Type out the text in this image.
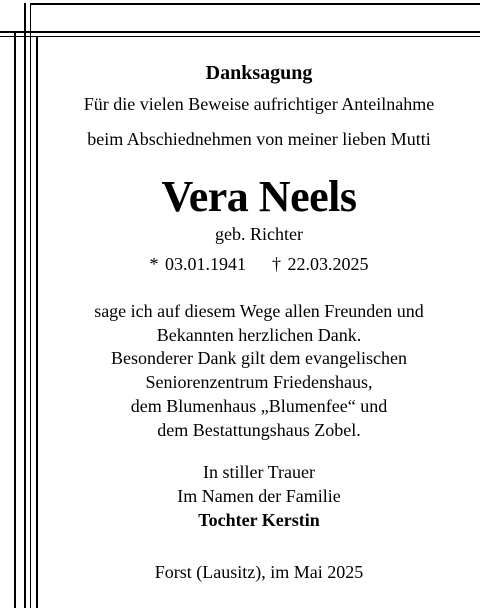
Danksagung
Für die vielen Beweise aufrichtiger Anteilnahme
beim Abschiednehmen von meiner lieben Mutti
Vera Neels
geb. Richter
* 03.01.1941    † 22.03.2025
sage ich auf diesem Wege allen Freunden und
Bekannten herzlichen Dank.
Besonderer Dank gilt dem evangelischen
Seniorenzentrum Friedenshaus,
dem Blumenhaus „Blumenfee“ und
dem Bestattungshaus Zobel.
In stiller Trauer
Im Namen der Familie
Tochter Kerstin
Forst (Lausitz), im Mai 2025
